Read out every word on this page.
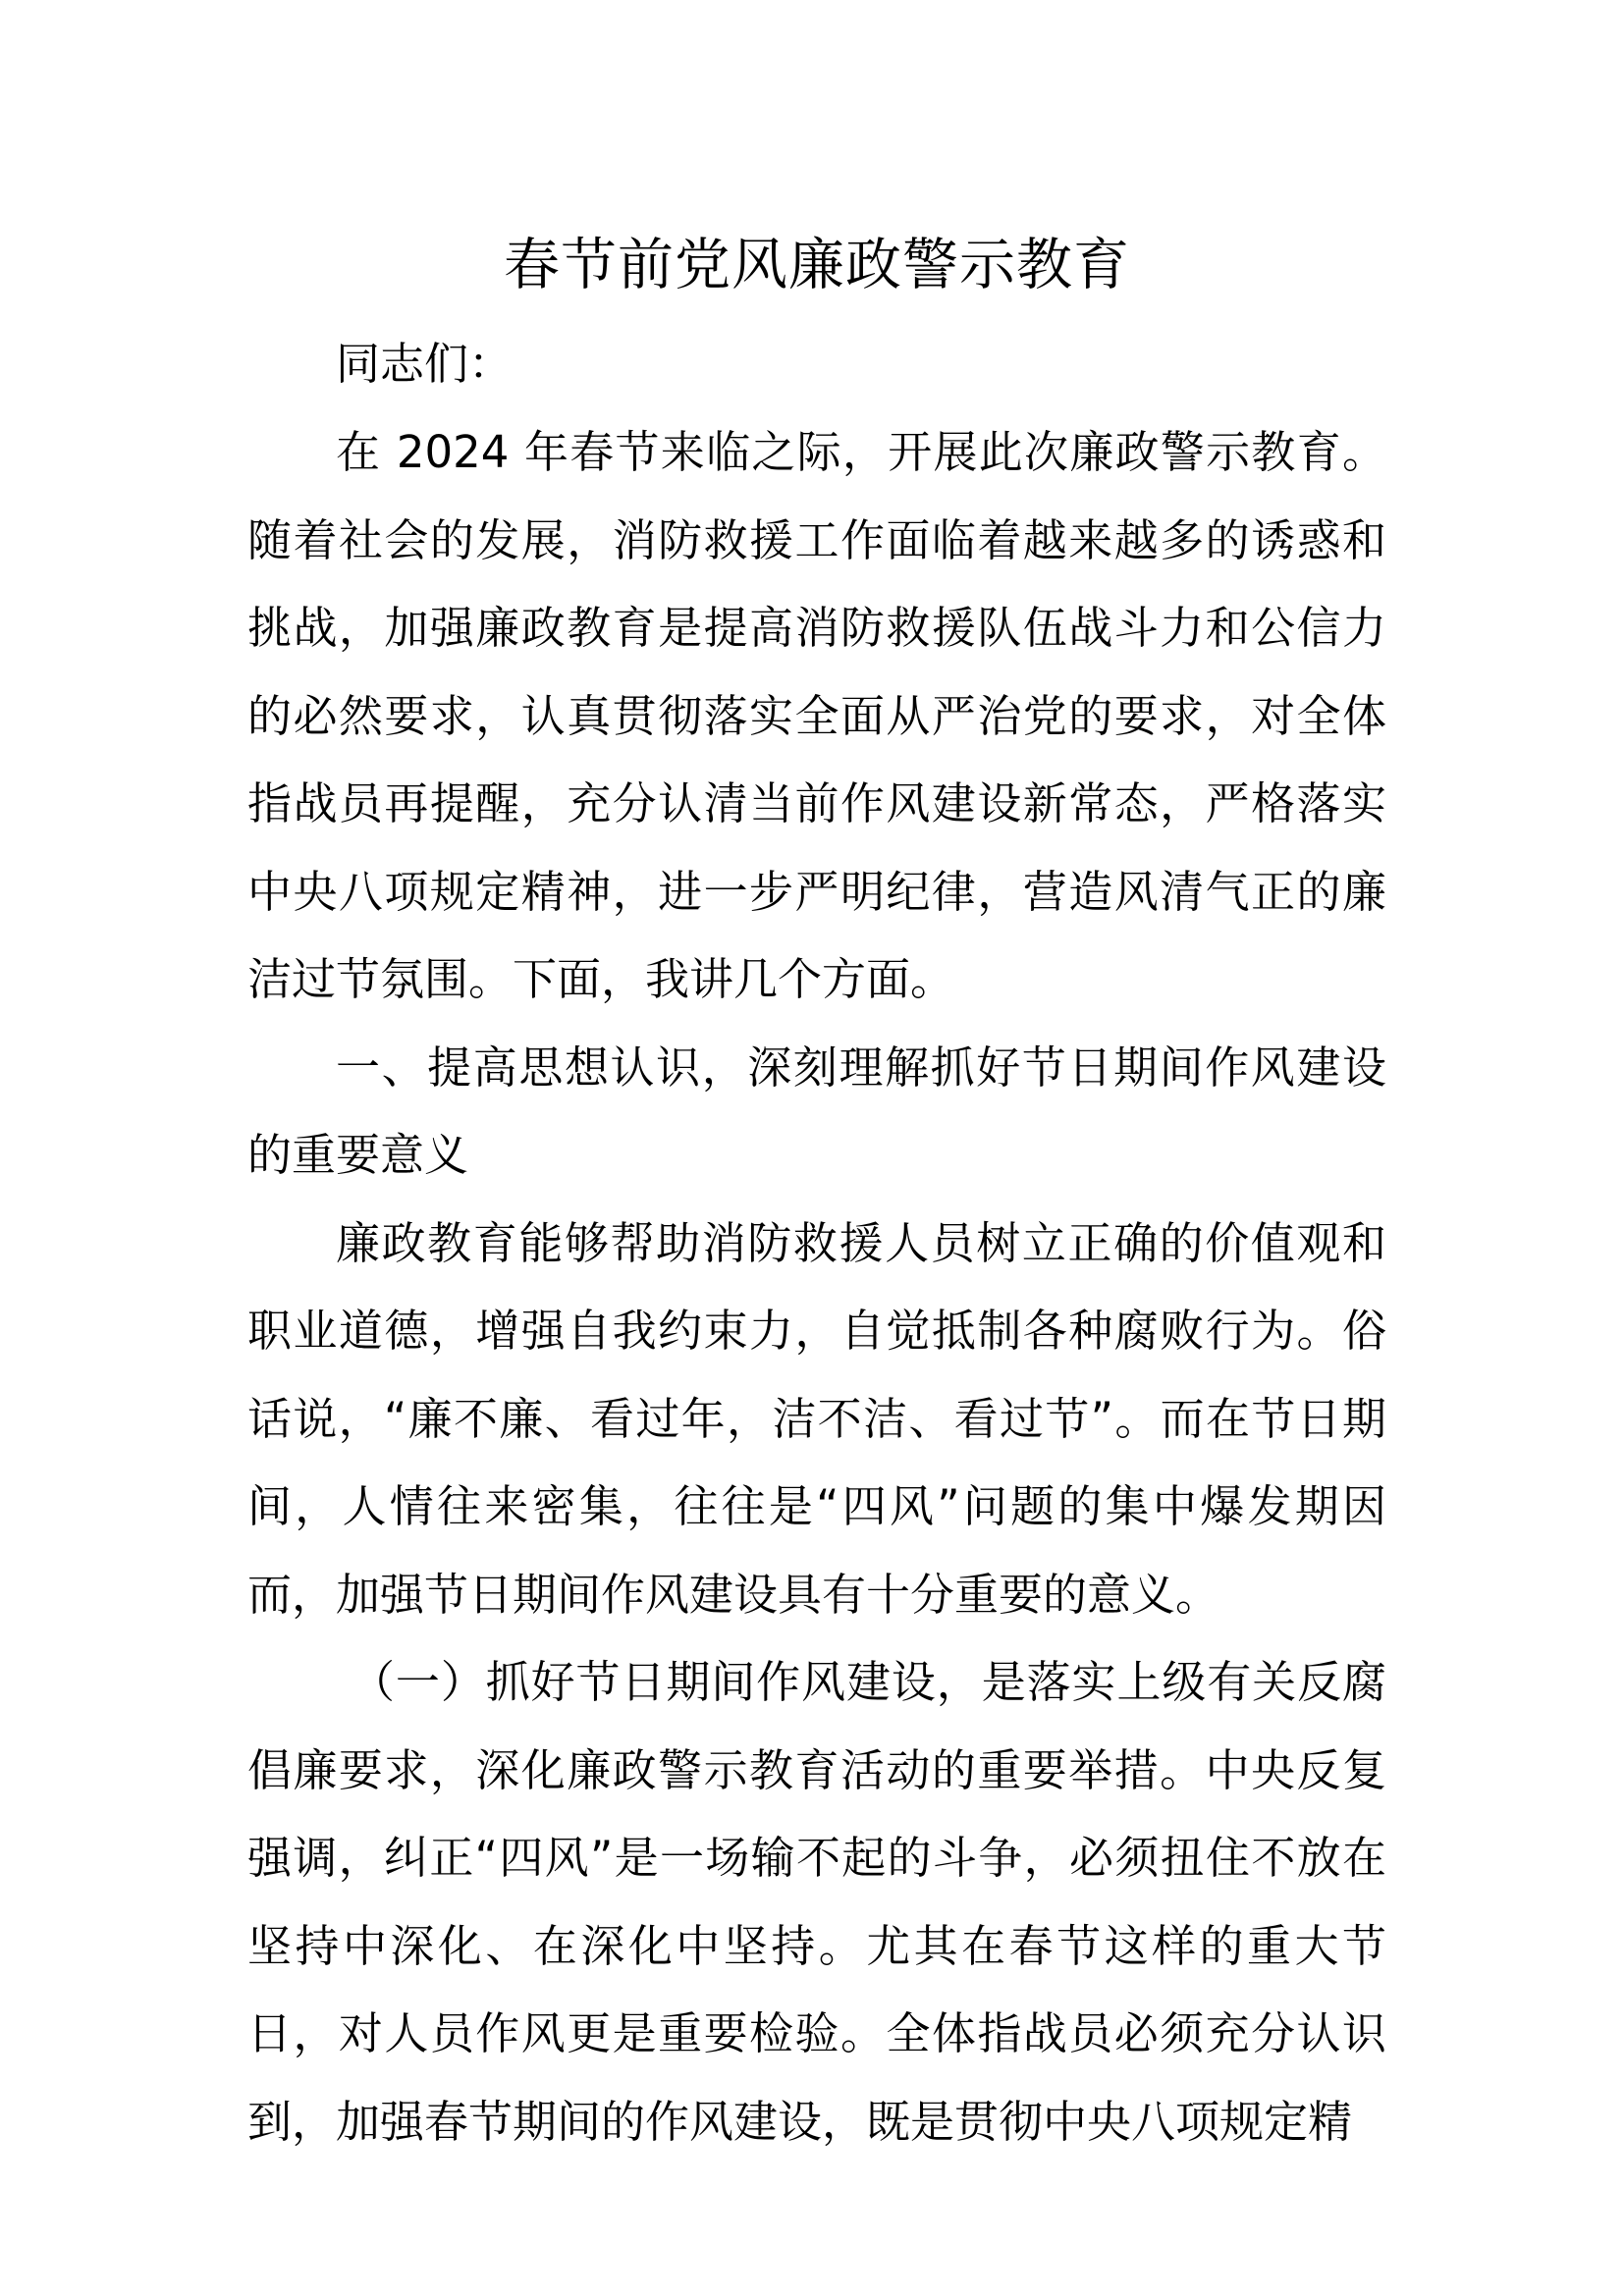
春节前党风廉政警示教育

同志们：

在 2024 年春节来临之际，开展此次廉政警示教育。随着社会的发展，消防救援工作面临着越来越多的诱惑和挑战，加强廉政教育是提高消防救援队伍战斗力和公信力的必然要求，认真贯彻落实全面从严治党的要求，对全体指战员再提醒，充分认清当前作风建设新常态，严格落实中央八项规定精神，进一步严明纪律，营造风清气正的廉洁过节氛围。下面，我讲几个方面。

一、提高思想认识，深刻理解抓好节日期间作风建设的重要意义

廉政教育能够帮助消防救援人员树立正确的价值观和职业道德，增强自我约束力，自觉抵制各种腐败行为。俗话说，“廉不廉、看过年，洁不洁、看过节”。而在节日期间，人情往来密集，往往是“四风”问题的集中爆发期因而，加强节日期间作风建设具有十分重要的意义。

（一）抓好节日期间作风建设，是落实上级有关反腐倡廉要求，深化廉政警示教育活动的重要举措。中央反复强调，纠正“四风”是一场输不起的斗争，必须扭住不放在坚持中深化、在深化中坚持。尤其在春节这样的重大节日，对人员作风更是重要检验。全体指战员必须充分认识到，加强春节期间的作风建设，既是贯彻中央八项规定精
